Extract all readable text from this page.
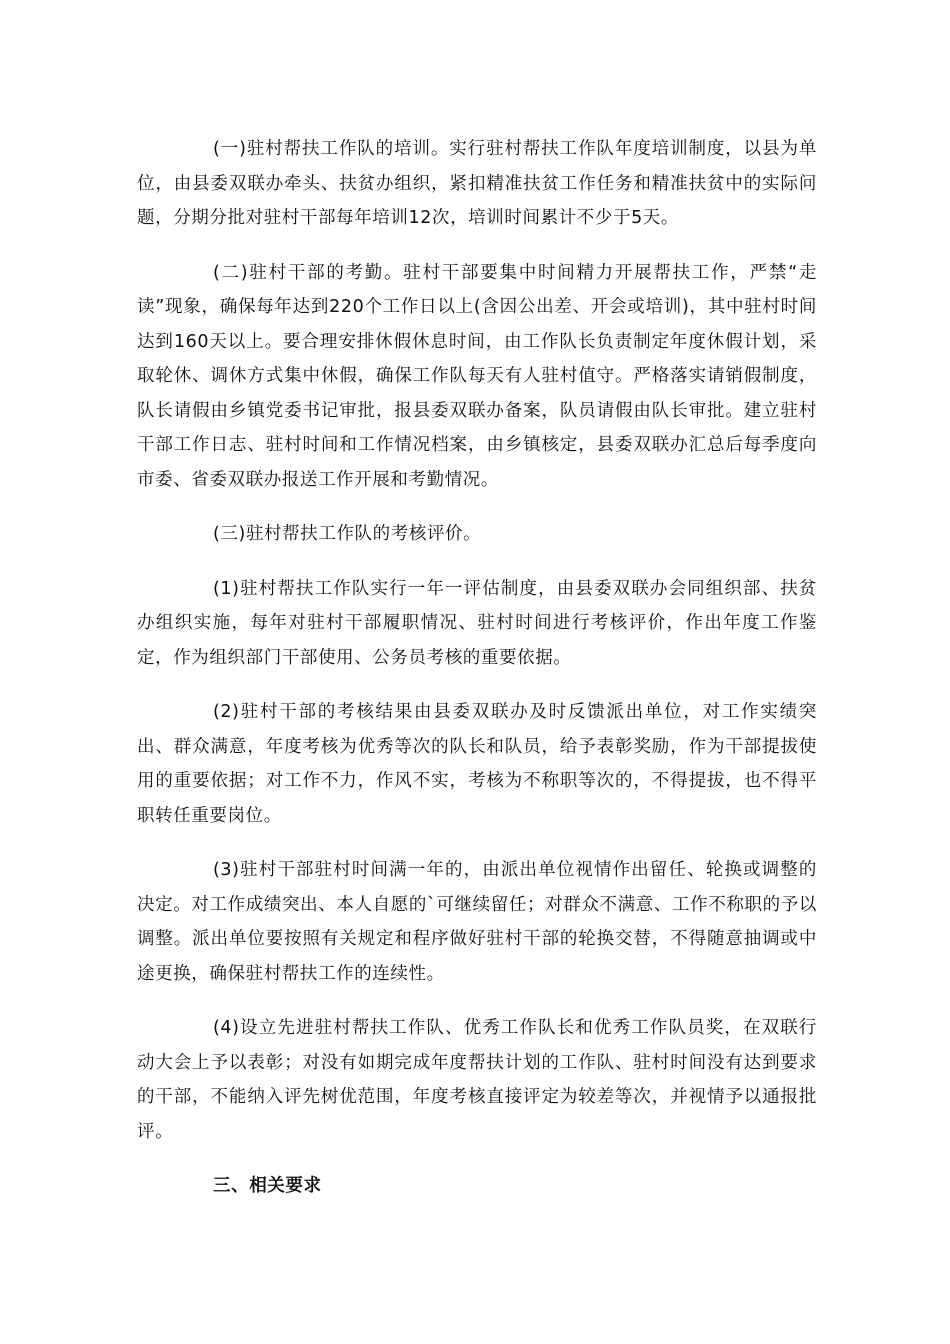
(一)驻村帮扶工作队的培训。实行驻村帮扶工作队年度培训制度，以县为单位，由县委双联办牵头、扶贫办组织，紧扣精准扶贫工作任务和精准扶贫中的实际问题，分期分批对驻村干部每年培训12次，培训时间累计不少于5天。

(二)驻村干部的考勤。驻村干部要集中时间精力开展帮扶工作，严禁“走读”现象，确保每年达到220个工作日以上(含因公出差、开会或培训)，其中驻村时间达到160天以上。要合理安排休假休息时间，由工作队长负责制定年度休假计划，采取轮休、调休方式集中休假，确保工作队每天有人驻村值守。严格落实请销假制度，队长请假由乡镇党委书记审批，报县委双联办备案，队员请假由队长审批。建立驻村干部工作日志、驻村时间和工作情况档案，由乡镇核定，县委双联办汇总后每季度向市委、省委双联办报送工作开展和考勤情况。

(三)驻村帮扶工作队的考核评价。

(1)驻村帮扶工作队实行一年一评估制度，由县委双联办会同组织部、扶贫办组织实施，每年对驻村干部履职情况、驻村时间进行考核评价，作出年度工作鉴定，作为组织部门干部使用、公务员考核的重要依据。

(2)驻村干部的考核结果由县委双联办及时反馈派出单位，对工作实绩突出、群众满意，年度考核为优秀等次的队长和队员，给予表彰奖励，作为干部提拔使用的重要依据；对工作不力，作风不实，考核为不称职等次的，不得提拔，也不得平职转任重要岗位。

(3)驻村干部驻村时间满一年的，由派出单位视情作出留任、轮换或调整的决定。对工作成绩突出、本人自愿的`可继续留任；对群众不满意、工作不称职的予以调整。派出单位要按照有关规定和程序做好驻村干部的轮换交替，不得随意抽调或中途更换，确保驻村帮扶工作的连续性。

(4)设立先进驻村帮扶工作队、优秀工作队长和优秀工作队员奖，在双联行动大会上予以表彰；对没有如期完成年度帮扶计划的工作队、驻村时间没有达到要求的干部，不能纳入评先树优范围，年度考核直接评定为较差等次，并视情予以通报批评。

三、相关要求
